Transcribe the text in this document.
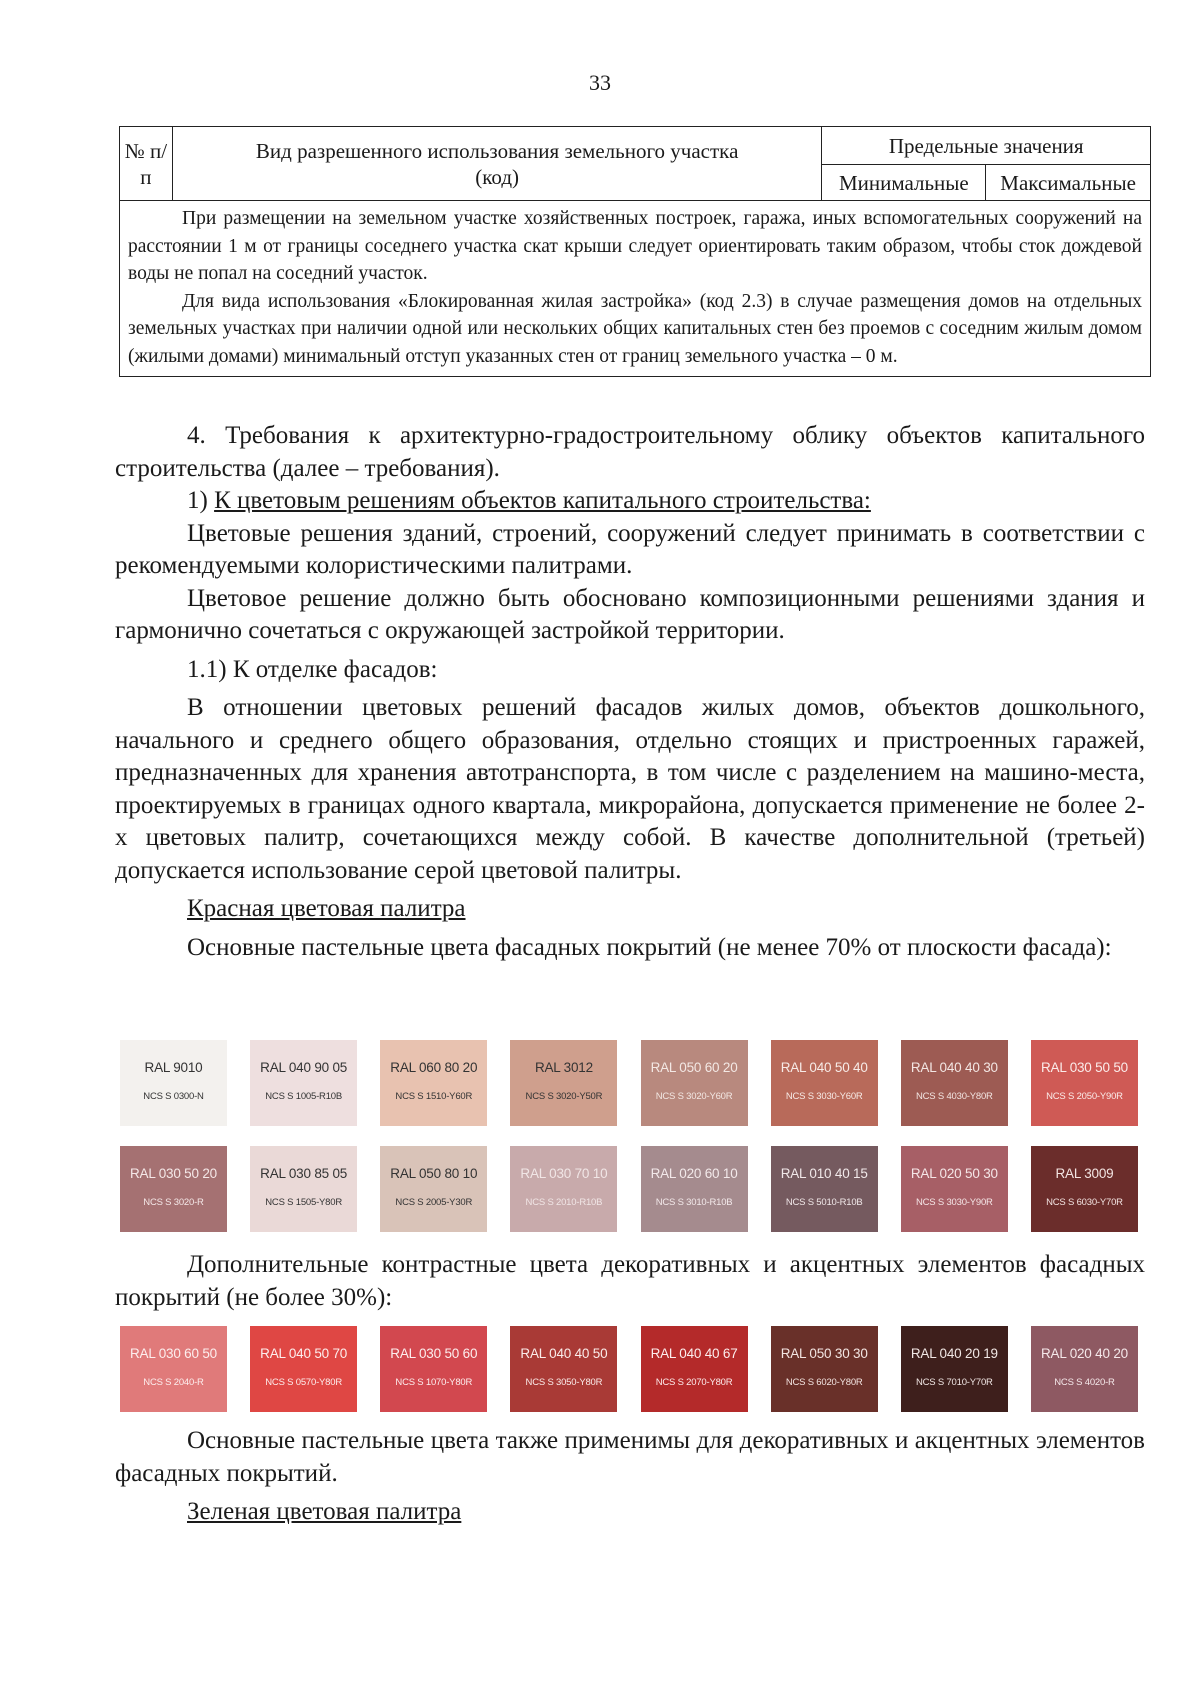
33
№ п/п	Вид разрешенного использования земельного участка (код)	Предельные значения	
		Минимальные	Максимальные

При размещении на земельном участке хозяйственных построек, гаража, иных вспомогательных сооружений на расстоянии 1 м от границы соседнего участка скат крыши следует ориентировать таким образом, чтобы сток дождевой воды не попал на соседний участок.

Для вида использования «Блокированная жилая застройка» (код 2.3) в случае размещения домов на отдельных земельных участках при наличии одной или нескольких общих капитальных стен без проемов с соседним жилым домом (жилыми домами) минимальный отступ указанных стен от границ земельного участка – 0 м.			

4. Требования к архитектурно-градостроительному облику объектов капитального строительства (далее – требования).

1) К цветовым решениям объектов капитального строительства:

Цветовые решения зданий, строений, сооружений следует принимать в соответствии с рекомендуемыми колористическими палитрами.

Цветовое решение должно быть обосновано композиционными решениями здания и гармонично сочетаться с окружающей застройкой территории.

1.1) К отделке фасадов:

В отношении цветовых решений фасадов жилых домов, объектов дошкольного, начального и среднего общего образования, отдельно стоящих и пристроенных гаражей, предназначенных для хранения автотранспорта, в том числе с разделением на машино-места, проектируемых в границах одного квартала, микрорайона, допускается применение не более 2-х цветовых палитр, сочетающихся между собой. В качестве дополнительной (третьей) допускается использование серой цветовой палитры.

Красная цветовая палитра

Основные пастельные цвета фасадных покрытий (не менее 70% от плоскости фасада):

RAL 9010
NCS S 0300-N
RAL 040 90 05
NCS S 1005-R10B
RAL 060 80 20
NCS S 1510-Y60R
RAL 3012
NCS S 3020-Y50R
RAL 050 60 20
NCS S 3020-Y60R
RAL 040 50 40
NCS S 3030-Y60R
RAL 040 40 30
NCS S 4030-Y80R
RAL 030 50 50
NCS S 2050-Y90R
RAL 030 50 20
NCS S 3020-R
RAL 030 85 05
NCS S 1505-Y80R
RAL 050 80 10
NCS S 2005-Y30R
RAL 030 70 10
NCS S 2010-R10B
RAL 020 60 10
NCS S 3010-R10B
RAL 010 40 15
NCS S 5010-R10B
RAL 020 50 30
NCS S 3030-Y90R
RAL 3009
NCS S 6030-Y70R

Дополнительные контрастные цвета декоративных и акцентных элементов фасадных покрытий (не более 30%):

RAL 030 60 50
NCS S 2040-R
RAL 040 50 70
NCS S 0570-Y80R
RAL 030 50 60
NCS S 1070-Y80R
RAL 040 40 50
NCS S 3050-Y80R
RAL 040 40 67
NCS S 2070-Y80R
RAL 050 30 30
NCS S 6020-Y80R
RAL 040 20 19
NCS S 7010-Y70R
RAL 020 40 20
NCS S 4020-R

Основные пастельные цвета также применимы для декоративных и акцентных элементов фасадных покрытий.

Зеленая цветовая палитра
